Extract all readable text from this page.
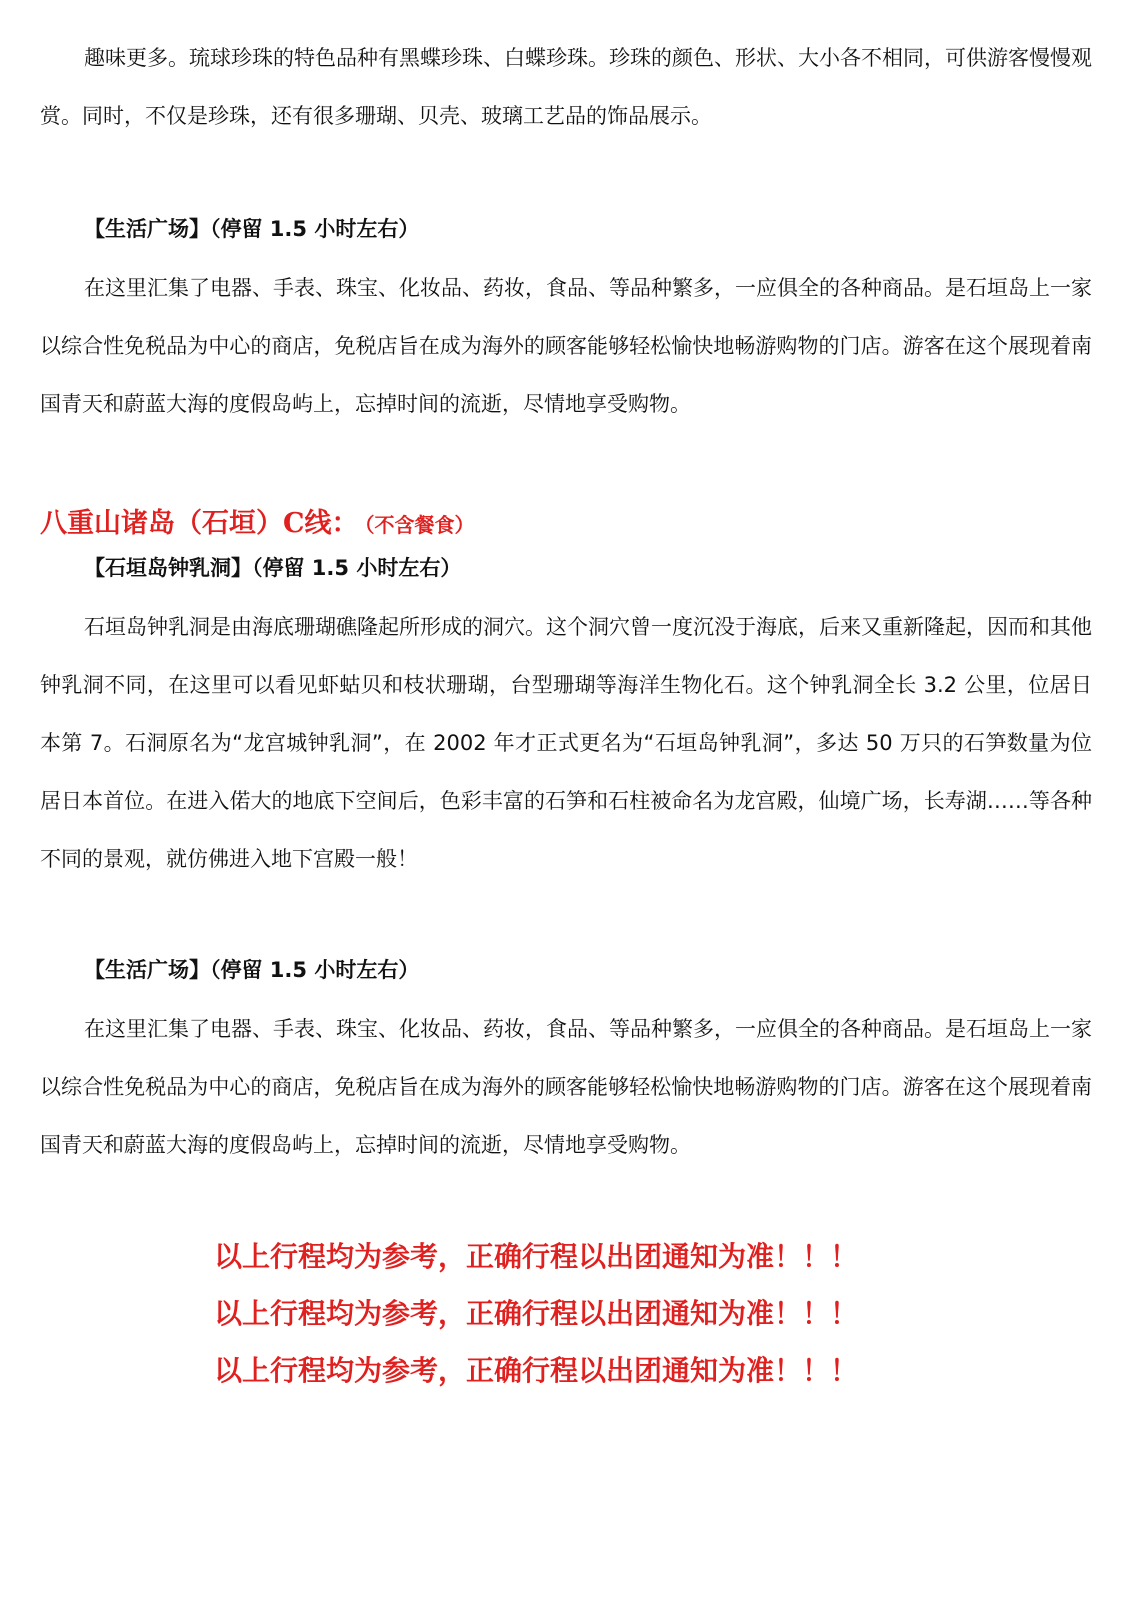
趣味更多。琉球珍珠的特色品种有黑蝶珍珠、白蝶珍珠。珍珠的颜色、形状、大小各不相同，可供游客慢慢观赏。同时，不仅是珍珠，还有很多珊瑚、贝壳、玻璃工艺品的饰品展示。

【生活广场】（停留 1.5 小时左右）

在这里汇集了电器、手表、珠宝、化妆品、药妆，食品、等品种繁多，一应俱全的各种商品。是石垣岛上一家以综合性免税品为中心的商店，免税店旨在成为海外的顾客能够轻松愉快地畅游购物的门店。游客在这个展现着南国青天和蔚蓝大海的度假岛屿上，忘掉时间的流逝，尽情地享受购物。

八重山诸岛（石垣）C线： （不含餐食）
【石垣岛钟乳洞】（停留 1.5 小时左右）

石垣岛钟乳洞是由海底珊瑚礁隆起所形成的洞穴。这个洞穴曾一度沉没于海底，后来又重新隆起，因而和其他钟乳洞不同，在这里可以看见虾蛄贝和枝状珊瑚，台型珊瑚等海洋生物化石。这个钟乳洞全长 3.2 公里，位居日本第 7。石洞原名为“龙宫城钟乳洞”，在 2002 年才正式更名为“石垣岛钟乳洞”，多达 50 万只的石笋数量为位居日本首位。在进入偌大的地底下空间后，色彩丰富的石笋和石柱被命名为龙宫殿，仙境广场，长寿湖……等各种不同的景观，就仿佛进入地下宫殿一般！

【生活广场】（停留 1.5 小时左右）

在这里汇集了电器、手表、珠宝、化妆品、药妆，食品、等品种繁多，一应俱全的各种商品。是石垣岛上一家以综合性免税品为中心的商店，免税店旨在成为海外的顾客能够轻松愉快地畅游购物的门店。游客在这个展现着南国青天和蔚蓝大海的度假岛屿上，忘掉时间的流逝，尽情地享受购物。

以上行程均为参考，正确行程以出团通知为准！！！

以上行程均为参考，正确行程以出团通知为准！！！

以上行程均为参考，正确行程以出团通知为准！！！
